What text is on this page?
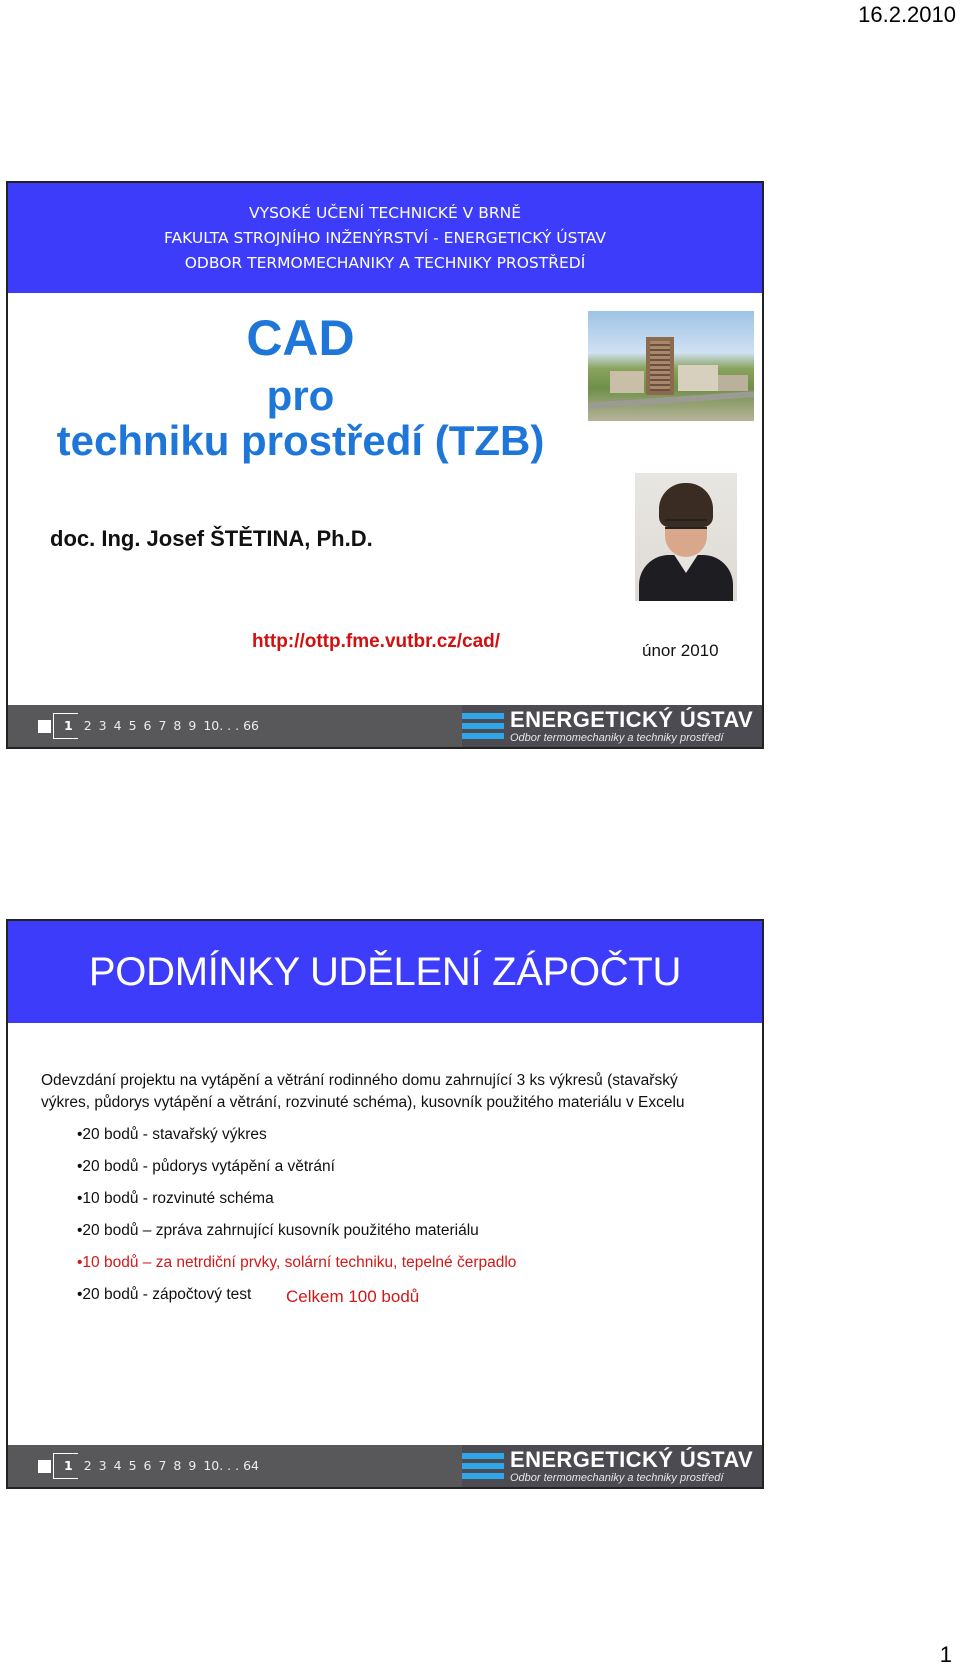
16.2.2010
VYSOKÉ UČENÍ TECHNICKÉ V BRNĚ
FAKULTA STROJNÍHO INŽENÝRSTVÍ - ENERGETICKÝ ÚSTAV
ODBOR TERMOMECHANIKY A TECHNIKY PROSTŘEDÍ
CAD
pro
techniku prostředí (TZB)
doc. Ing. Josef ŠTĚTINA, Ph.D.
http://ottp.fme.vutbr.cz/cad/	únor 2010
1 2 3 4 5 6 7 8 9 10. . . 66	ENERGETICKÝ ÚSTAV
Odbor termomechaniky a techniky prostředí
PODMÍNKY UDĚLENÍ ZÁPOČTU
Odevzdání projektu na vytápění a větrání rodinného domu zahrnující 3 ks výkresů (stavařský výkres, půdorys vytápění a větrání, rozvinuté schéma), kusovník použitého materiálu v Excelu
•20 bodů - stavařský výkres
•20 bodů - půdorys vytápění a větrání
•10 bodů - rozvinuté schéma
•20 bodů – zpráva zahrnující kusovník použitého materiálu
•10 bodů – za netrdiční prvky, solární techniku, tepelné čerpadlo
•20 bodů - zápočtový test	Celkem 100 bodů
1 2 3 4 5 6 7 8 9 10. . . 64	ENERGETICKÝ ÚSTAV
Odbor termomechaniky a techniky prostředí
1
